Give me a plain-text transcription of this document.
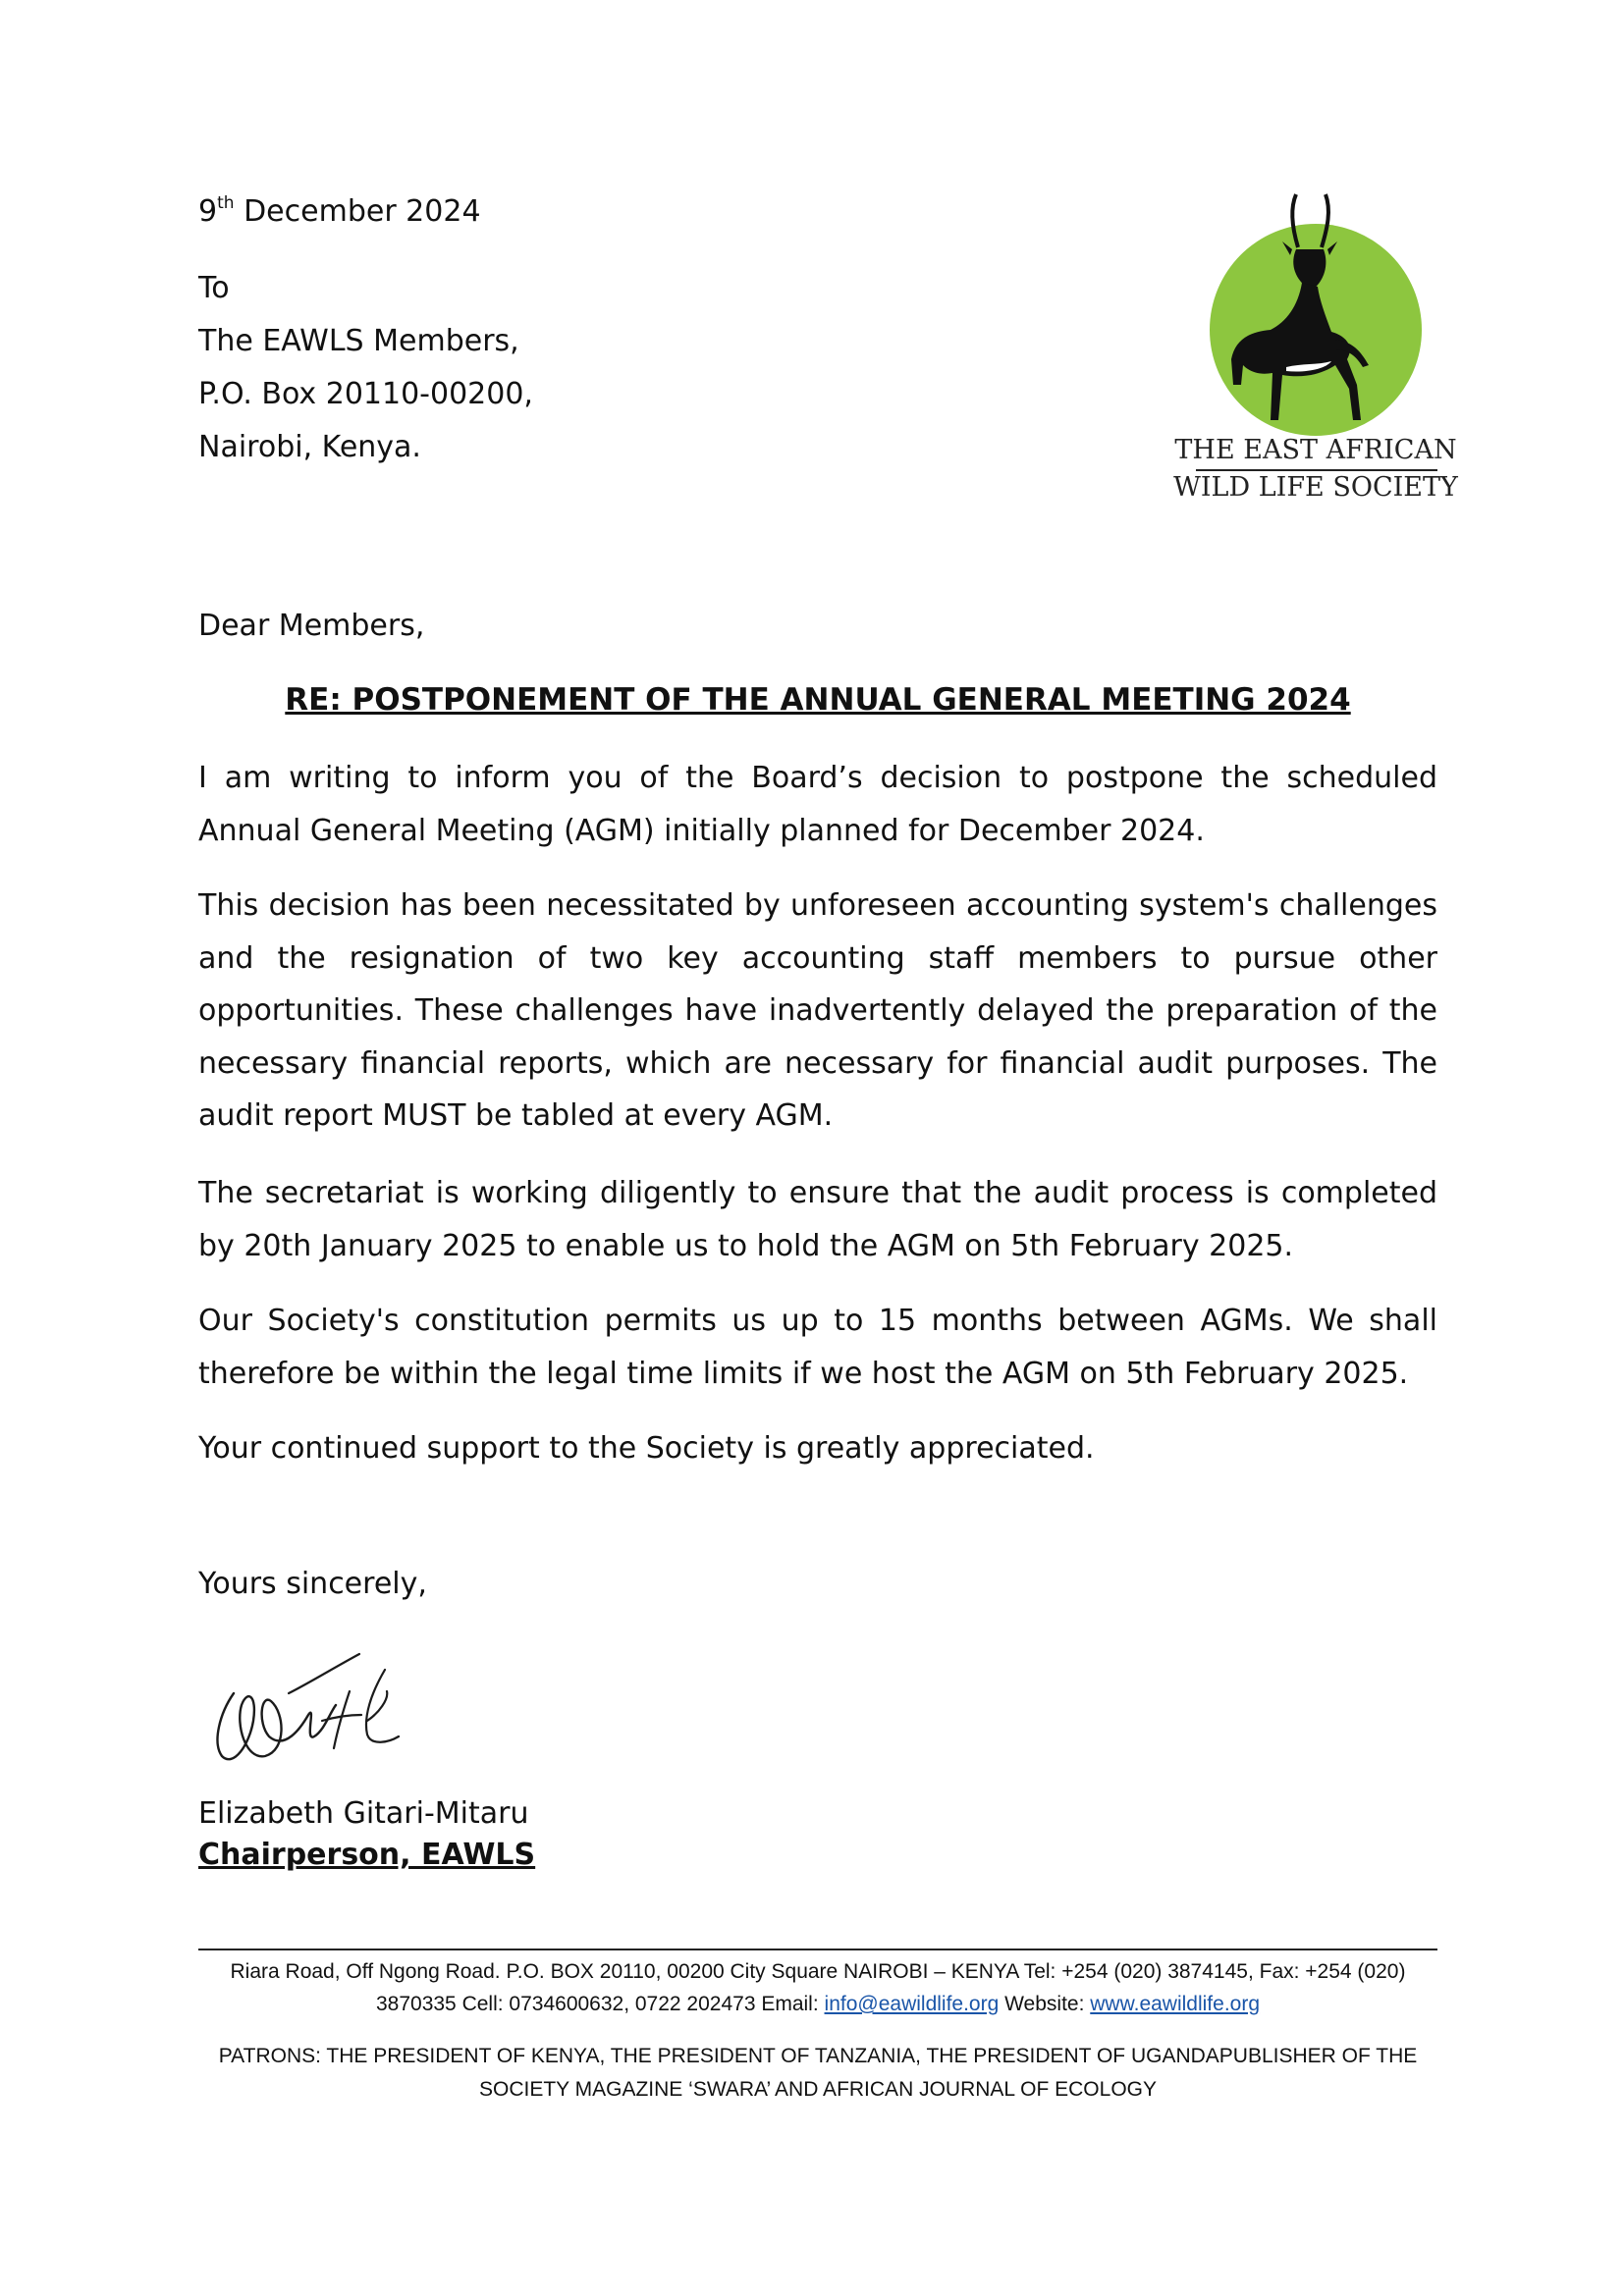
9th December 2024

To

The EAWLS Members,

P.O. Box 20110-00200,

Nairobi, Kenya.	THE EAST AFRICAN

WILD LIFE SOCIETY

Dear Members,

RE: POSTPONEMENT OF THE ANNUAL GENERAL MEETING 2024

I am writing to inform you of the Board’s decision to postpone the scheduled Annual General Meeting (AGM) initially planned for December 2024.

This decision has been necessitated by unforeseen accounting system's challenges and the resignation of two key accounting staff members to pursue other opportunities. These challenges have inadvertently delayed the preparation of the necessary financial reports, which are necessary for financial audit purposes. The audit report MUST be tabled at every AGM.

The secretariat is working diligently to ensure that the audit process is completed by 20th January 2025 to enable us to hold the AGM on 5th February 2025.

Our Society's constitution permits us up to 15 months between AGMs. We shall therefore be within the legal time limits if we host the AGM on 5th February 2025.

Your continued support to the Society is greatly appreciated.

Yours sincerely,

Elizabeth Gitari-Mitaru

Chairperson, EAWLS

Riara Road, Off Ngong Road. P.O. BOX 20110, 00200 City Square NAIROBI – KENYA Tel: +254 (020) 3874145, Fax: +254 (020)

3870335 Cell: 0734600632, 0722 202473 Email: info@eawildlife.org Website: www.eawildlife.org

PATRONS: THE PRESIDENT OF KENYA, THE PRESIDENT OF TANZANIA, THE PRESIDENT OF UGANDAPUBLISHER OF THE

SOCIETY MAGAZINE ‘SWARA’ AND AFRICAN JOURNAL OF ECOLOGY
